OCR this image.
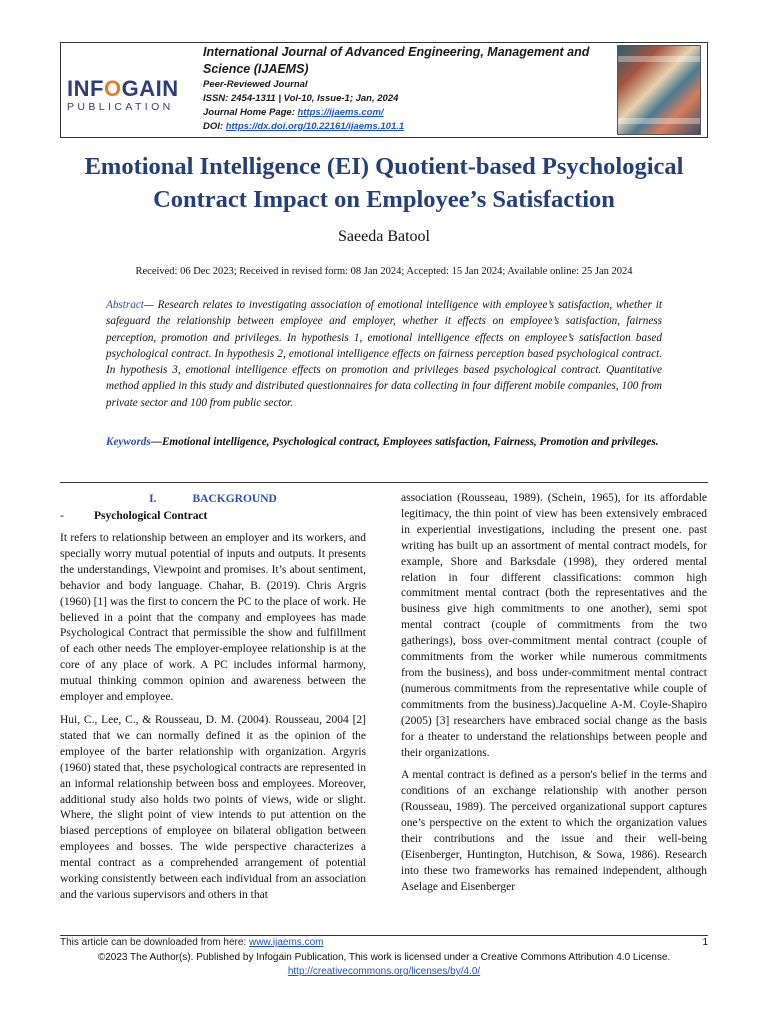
INFOGAIN
PUBLICATION
International Journal of Advanced Engineering, Management and Science (IJAEMS)
Peer-Reviewed Journal
ISSN: 2454-1311 | Vol-10, Issue-1; Jan, 2024
Journal Home Page: https://ijaems.com/
DOI: https://dx.doi.org/10.22161/ijaems.101.1
Emotional Intelligence (EI) Quotient-based Psychological
Contract Impact on Employee’s Satisfaction
Saeeda Batool
Received: 06 Dec 2023; Received in revised form: 08 Jan 2024; Accepted: 15 Jan 2024; Available online: 25 Jan 2024
Abstract— Research relates to investigating association of emotional intelligence with employee’s satisfaction, whether it safeguard the relationship between employee and employer, whether it effects on employee’s satisfaction, fairness perception, promotion and privileges. In hypothesis 1, emotional intelligence effects on employee’s satisfaction based psychological contract. In hypothesis 2, emotional intelligence effects on fairness perception based psychological contract. In hypothesis 3, emotional intelligence effects on promotion and privileges based psychological contract. Quantitative method applied in this study and distributed questionnaires for data collecting in four different mobile companies, 100 from private sector and 100 from public sector.
Keywords—Emotional intelligence, Psychological contract, Employees satisfaction, Fairness, Promotion and privileges.
I.	BACKGROUND
-	Psychological Contract

It refers to relationship between an employer and its workers, and specially worry mutual potential of inputs and outputs. It presents the understandings, Viewpoint and promises. It’s about sentiment, behavior and body language. Chahar, B. (2019). Chris Argris (1960) [1] was the first to concern the PC to the place of work. He believed in a point that the company and employees has made Psychological Contract that permissible the show and fulfillment of each other needs The employer-employee relationship is at the core of any place of work. A PC includes informal harmony, mutual thinking common opinion and awareness between the employer and employee.

Hui, C., Lee, C., & Rousseau, D. M. (2004). Rousseau, 2004 [2] stated that we can normally defined it as the opinion of the employee of the barter relationship with organization. Argyris (1960) stated that, these psychological contracts are represented in an informal relationship between boss and employees. Moreover, additional study also holds two points of views, wide or slight. Where, the slight point of view intends to put attention on the biased perceptions of employee on bilateral obligation between employees and bosses. The wide perspective characterizes a mental contract as a comprehended arrangement of potential working consistently between each individual from an association and the various supervisors and others in that

association (Rousseau, 1989). (Schein, 1965), for its affordable legitimacy, the thin point of view has been extensively embraced in experiential investigations, including the present one. past writing has built up an assortment of mental contract models, for example, Shore and Barksdale (1998), they ordered mental relation in four different classifications: common high commitment mental contract (both the representatives and the business give high commitments to one another), semi spot mental contract (couple of commitments from the two gatherings), boss over-commitment mental contract (couple of commitments from the worker while numerous commitments from the business), and boss under-commitment mental contract (numerous commitments from the representative while couple of commitments from the business).Jacqueline A-M. Coyle-Shapiro (2005) [3] researchers have embraced social change as the basis for a theater to understand the relationships between people and their organizations.

A mental contract is defined as a person's belief in the terms and conditions of an exchange relationship with another person (Rousseau, 1989). The perceived organizational support captures one’s perspective on the extent to which the organization values their contributions and the issue and their well-being (Eisenberger, Huntington, Hutchison, & Sowa, 1986). Research into these two frameworks has remained independent, although Aselage and Eisenberger

This article can be downloaded from here: www.ijaems.com	1
©2023 The Author(s). Published by Infogain Publication, This work is licensed under a Creative Commons Attribution 4.0 License.
http://creativecommons.org/licenses/by/4.0/
